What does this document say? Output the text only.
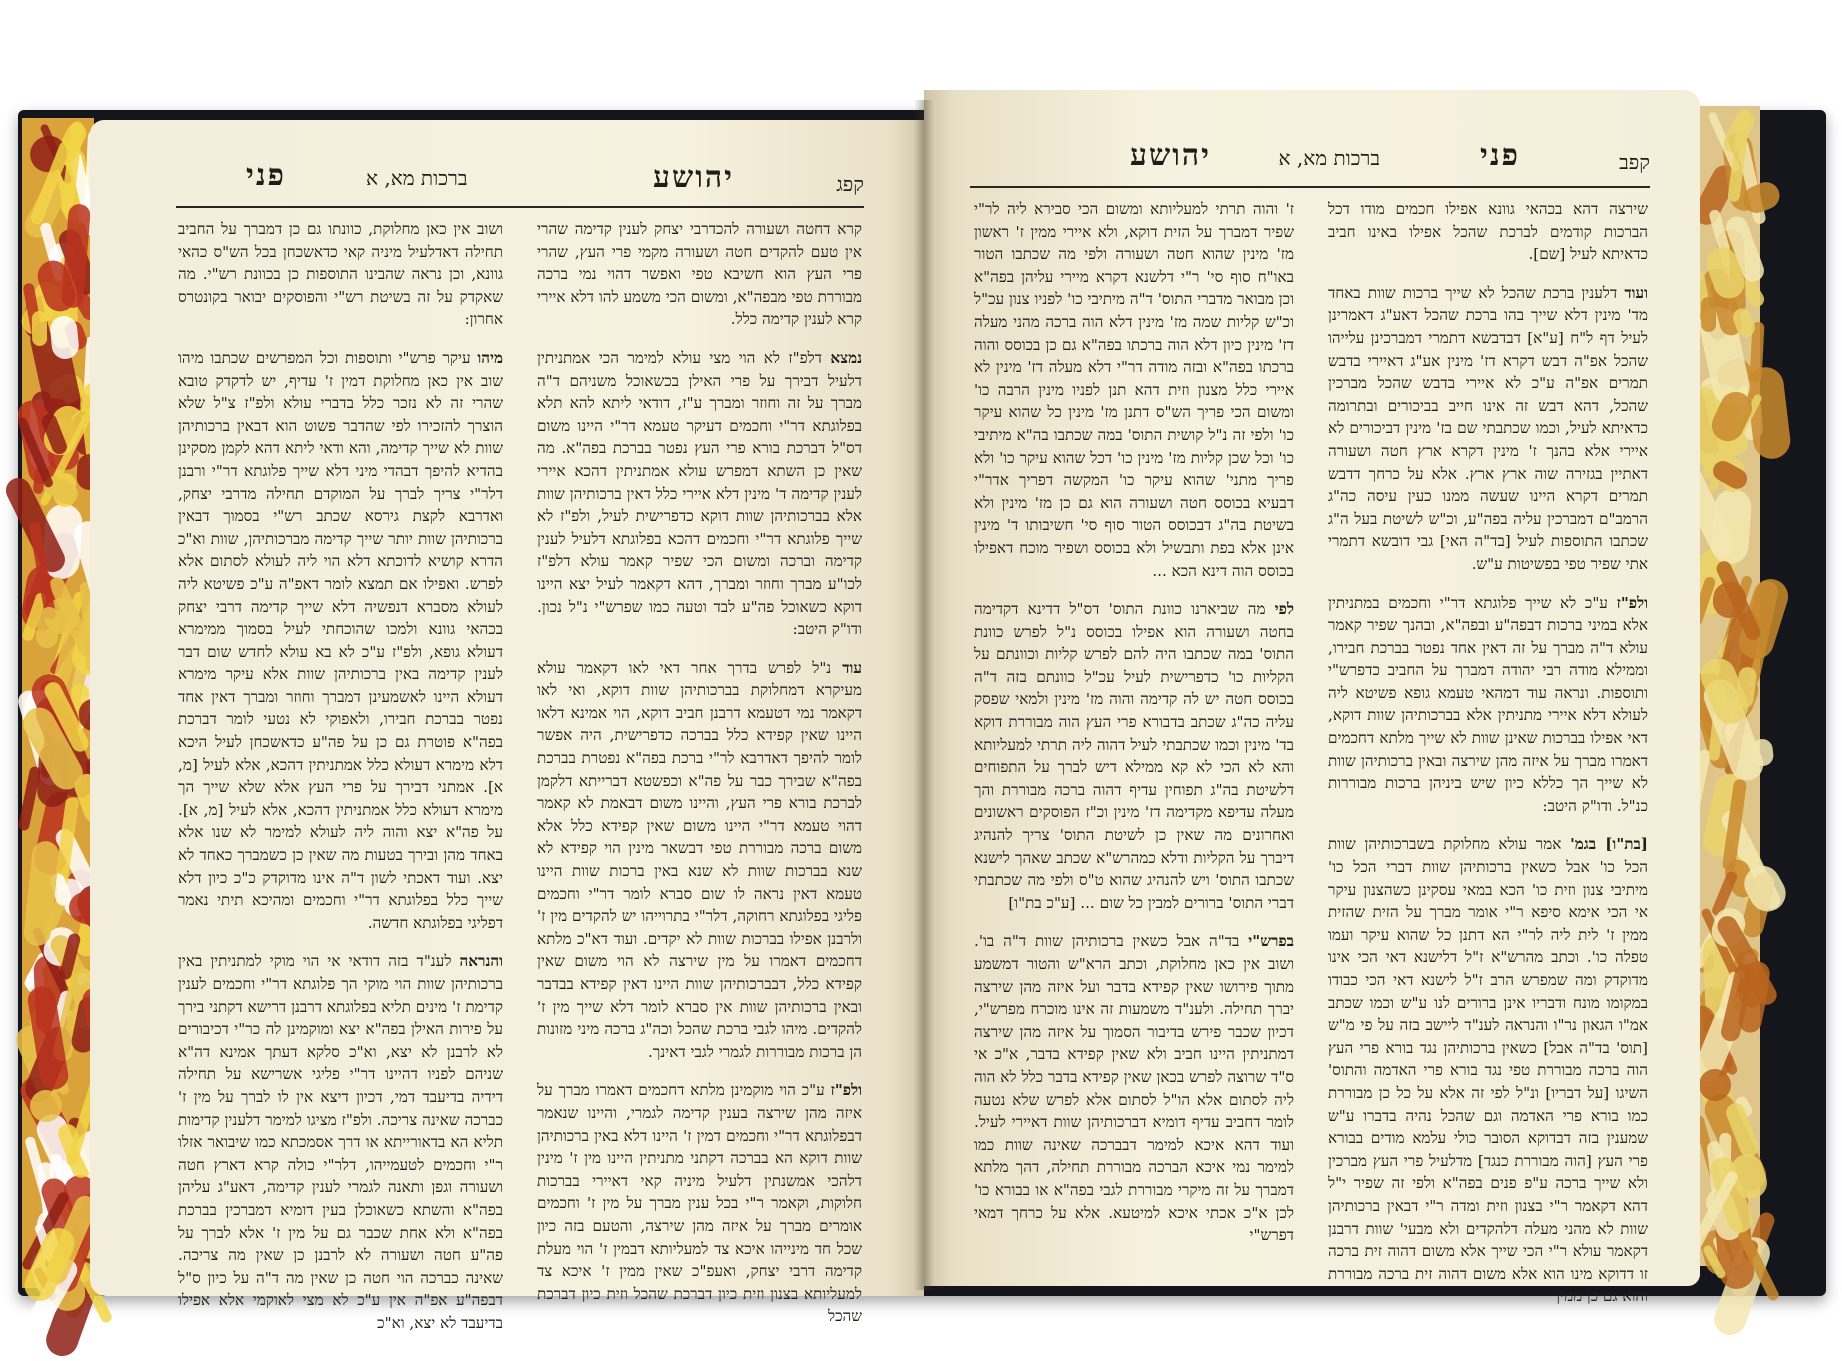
קפג
יהושע
ברכות מא, א
פני

קרא דחטה ושעורה להכדרבי יצחק לענין קדימה שהרי אין טעם להקדים חטה ושעורה מקמי פרי העץ, שהרי פרי העץ הוא חשיבא טפי ואפשר דהוי נמי ברכה מבוררת טפי מבפה"א, ומשום הכי משמע להו דלא איירי קרא לענין קדימה כלל.

נמצא דלפ"ז לא הוי מצי עולא למימר הכי אמתניתין דלעיל דבירך על פרי האילן בכשאוכל משניהם ד"ה מברך על זה וחוזר ומברך ע"ז, דודאי ליתא להא תלא בפלוגתא דר"י וחכמים דעיקר טעמא דר"י היינו משום דס"ל דברכת בורא פרי העץ נפטר בברכת בפה"א. מה שאין כן השתא דמפרש עולא אמתניתין דהכא איירי לענין קדימה ד' מינין דלא איירי כלל דאין ברכותיהן שוות אלא בברכותיהן שוות דוקא כדפרישית לעיל, ולפ"ז לא שייך פלוגתא דר"י וחכמים דהכא בפלוגתא דלעיל לענין קדימה וברכה ומשום הכי שפיר קאמר עולא דלפ"ז לכו"ע מברך וחוזר ומברך, דהא דקאמר לעיל יצא היינו דוקא כשאוכל פה"ע לבד וטעה כמו שפרש"י נ"ל נכון. ודו"ק היטב:

עוד נ"ל לפרש בדרך אחר דאי לאו דקאמר עולא מעיקרא דמחלוקת בברכותיהן שוות דוקא, ואי לאו דקאמר נמי דטעמא דרבנן חביב דוקא, הוי אמינא דלאו היינו שאין קפידא כלל בברכה כדפרישית, היה אפשר לומר להיפך דאדרבא לר"י ברכת בפה"א נפטרת בברכת בפה"א שבירך כבר על פה"א וכפשטא דברייתא דלקמן לברכת בורא פרי העץ, והיינו משום דבאמת לא קאמר דהוי טעמא דר"י היינו משום שאין קפידא כלל אלא משום ברכה מבוררת טפי דבשאר מינין הוי קפידא לא שנא בברכות שוות לא שנא באין ברכות שוות היינו טעמא דאין נראה לו שום סברא לומר דר"י וחכמים פליגי בפלוגתא רחוקה, דלר"י בתרוייהו יש להקדים מין ז' ולרבנן אפילו בברכות שוות לא יקדים. ועוד דא"כ מלתא דחכמים דאמרו על מין שירצה לא הוי משום שאין קפידא כלל, דבברכותיהן שוות היינו דאין קפידא בבדבר ובאין ברכותיהן שוות אין סברא לומר דלא שייך מין ז' להקדים. מיהו לגבי ברכת שהכל וכה"ג ברכה מיני מזונות הן ברכות מבוררות לגמרי לגבי דאינך.

ולפ"ז ע"כ הוי מוקמינן מלתא דחכמים דאמרו מברך על איזה מהן שירצה בענין קדימה לגמרי, והיינו שנאמר דבפלוגתא דר"י וחכמים דמין ז' היינו דלא באין ברכותיהן שוות דוקא הא בברכה דקתני מתניתין היינו מין ז' מינין דלהכי אמשנתין דלעיל מיניה קאי דאיירי בברכות חלוקות, וקאמר ר"י בכל ענין מברך על מין ז' וחכמים אומרים מברך על איזה מהן שירצה, והטעם בזה כיון שכל חד מינייהו איכא צד למעליותא דבמין ז' הוי מעלת קדימה דרבי יצחק, ואעפ"כ שאין ממין ז' איכא צד למעליותא בצנון וזית כיון דברכת שהכל וזית כיון דברכת שהכל

ושוב אין כאן מחלוקת, כוונתו גם כן דמברך על החביב תחילה דאדלעיל מיניה קאי כדאשכחן בכל הש"ס כהאי גוונא, וכן נראה שהבינו התוספות כן בכוונת רש"י. מה שאקדק על זה בשיטת רש"י והפוסקים יבואר בקונטרס אחרון:

מיהו עיקר פרש"י ותוספות וכל המפרשים שכתבו מיהו שוב אין כאן מחלוקת דמין ז' עדיף, יש לדקדק טובא שהרי זה לא נזכר כלל בדברי עולא ולפ"ז צ"ל שלא הוצרך להזכירו לפי שהדבר פשוט הוא דבאין ברכותיהן שוות לא שייך קדימה, והא ודאי ליתא דהא לקמן מסקינן בהדיא להיפך דבהדי מיני דלא שייך פלוגתא דר"י ורבנן דלר"י צריך לברך על המוקדם תחילה מדרבי יצחק, ואדרבא לקצת גירסא שכתב רש"י בסמוך דבאין ברכותיהן שוות יותר שייך קדימה מברכותיהן, שוות וא"כ הדרא קושיא לדוכתא דלא הוי ליה לעולא לסתום אלא לפרש. ואפילו אם תמצא לומר דאפ"ה ע"כ פשיטא ליה לעולא מסברא דנפשיה דלא שייך קדימה דרבי יצחק בכהאי גוונא ולמכו שהוכחתי לעיל בסמוך ממימרא דעולא גופא, ולפ"ז ע"כ לא בא עולא לחדש שום דבר לענין קדימה באין ברכותיהן שוות אלא עיקר מימרא דעולא היינו לאשמעינן דמברך וחוזר ומברך דאין אחד נפטר בברכת חבירו, ולאפוקי לא נטעי לומר דברכת בפה"א פוטרת גם כן על פה"ע כדאשכחן לעיל היכא דלא מימרא דעולא כלל אמתניתין דהכא, אלא לעיל [מ, א]. אמתני דבירך על פרי העץ אלא שלא שייך הך מימרא דעולא כלל אמתניתין דהכא, אלא לעיל [מ, א]. על פה"א יצא והוה ליה לעולא למימר לא שנו אלא באחד מהן ובירך בטעות מה שאין כן כשמברך כאחד לא יצא. ועוד דאכתי לשון ד"ה אינו מדוקדק כ"כ כיון דלא שייך כלל בפלוגתא דר"י וחכמים ומהיכא תיתי נאמר דפליגי בפלוגתא חדשה.

והנראה לענ"ד בזה דודאי אי הוי מוקי למתניתין באין ברכותיהן שוות הוי מוקי הך פלוגתא דר"י וחכמים לענין קדימת ז' מינים תליא בפלוגתא דרבנן דרישא דקתני בירך על פירות האילן בפה"א יצא ומוקמינן לה כר"י דכיבורים לא לרבנן לא יצא, וא"כ סלקא דעתך אמינא דה"א שניהם לפניו דהיינו דר"י פליגי אשרישא על תחילה דידיה בדיעבד דמי, דכיון דיצא אין לו לברך על מין ז' כברכה שאינה צריכה. ולפ"ז מציגו למימר דלענין קדימות תליא הא בדאורייתא או דרך אסמכתא כמו שיבואר אזלו ר"י וחכמים לטעמייהו, דלר"י כולה קרא דארץ חטה ושעורה וגפן ותאנה לגמרי לענין קדימה, דאע"ג עליהן בפה"א והשתא כשאוכלן בעין דומיא דמברכין בברכת בפה"א ולא אחת שכבר גם על מין ז' אלא לברך על פה"ע חטה ושעורה לא לרבנן כן שאין מה צריכה. שאינה כברכה הוי חטה כן שאין מה ד"ה על כיון ס"ל דבפה"ע אפ"ה אין ע"כ לא מצי לאוקמי אלא אפילו בדיעבד לא יצא, וא"כ

קפב
פני
ברכות מא, א
יהושע

שירצה דהא בכהאי גוונא אפילו חכמים מודו דכל הברכות קודמים לברכת שהכל אפילו באינו חביב כדאיתא לעיל [שם].

ועוד דלענין ברכת שהכל לא שייך ברכות שוות באחד מד' מינין דלא שייך בהו ברכת שהכל דאע"ג דאמרינן לעיל דף ל"ח [ע"א] דבדבשא דתמרי דמברכינן עלייהו שהכל אפ"ה דבש דקרא דז' מינין אע"ג דאיירי בדבש תמרים אפ"ה ע"כ לא איירי בדבש שהכל מברכין שהכל, דהא דבש זה אינו חייב בביכורים ובתרומה כדאיתא לעיל, וכמו שכתבתי שם בז' מינין דביכורים לא איירי אלא בהנך ז' מינין דקרא ארץ חטה ושעורה דאתיין בגזירה שוה ארץ ארץ. אלא על כרחך דדבש תמרים דקרא היינו שעשה ממנו כעין עיסה כה"ג הרמב"ם דמברכין עליה בפה"ע, וכ"ש לשיטת בעל ה"ג שכתבו התוספות לעיל [בד"ה האי] גבי דובשא דתמרי אתי שפיר טפי בפשיטות ע"ש.

ולפ"ז ע"כ לא שייך פלוגתא דר"י וחכמים במתניתין אלא במיני ברכות דבפה"ע ובפה"א, ובהנך שפיר קאמר עולא ד"ה מברך על זה דאין אחד נפטר בברכת חבירו, וממילא מודה רבי יהודה דמברך על החביב כדפרש"י ותוספות. ונראה עוד דמהאי טעמא גופא פשיטא ליה לעולא דלא איירי מתניתין אלא בברכותיהן שוות דוקא, דאי אפילו בברכות שאינן שוות לא שייך מלתא דחכמים דאמרו מברך על איזה מהן שירצה ובאין ברכותיהן שוות לא שייך הך כללא כיון שיש ביניהן ברכות מבוררות כנ"ל. ודו"ק היטב:

[בת"ו] בגמ' אמר עולא מחלוקת בשברכותיהן שוות הכל כו' אבל כשאין ברכותיהן שוות דברי הכל כו' מיתיבי צנון וזית כו' הכא במאי עסקינן כשהצנון עיקר אי הכי אימא סיפא ר"י אומר מברך על הזית שהזית ממין ז' לית ליה לר"י הא דתנן כל שהוא עיקר ועמו טפלה כו'. וכתב מהרש"א ז"ל דלישנא דאי הכי אינו מדוקדק ומה שמפרש הרב ז"ל לישנא דאי הכי כבודו במקומו מונח ודבריו אינן ברורים לנו ע"ש וכמו שכתב אמ"ו הגאון נר"ו והנראה לענ"ד ליישב בזה על פי מ"ש [תוס' בד"ה אבל] כשאין ברכותיהן נגד בורא פרי העץ הוה ברכה מבוררת טפי נגד בורא פרי האדמה והתוס' השיגו [על דבריו] ונ"ל לפי זה אלא על כל כן מבוררת כמו בורא פרי האדמה וגם שהכל נהיה בדברו ע"ש שמענין בזה דבדוקא הסובר כולי עלמא מודים בבורא פרי העץ [הוה מבוררת כנגד] מדלעיל פרי העץ מברכין ולא שייך ברכה ע"פ פנים בפה"א ולפי זה שפיר י"ל דהא דקאמר ר"י בצנון וזית ומדה ר"י דבאין ברכותיהן שוות לא מהני מעלה דלהקדים ולא מבעי' שוות דרבנן דקאמר עולא ר"י הכי שייך אלא משום דהוה זית ברכה זו דדוקא מינו הוא אלא משום דהוה זית ברכה מבוררת והוא גם כן ממין

ז' והוה תרתי למעליותא ומשום הכי סבירא ליה לר"י שפיר דמברך על הזית דוקא, ולא איירי ממין ז' ראשון מז' מינין שהוא חטה ושעורה ולפי מה שכתבו הטור באו"ח סוף סי' ר"י דלשנא דקרא מיירי עליהן בפה"א וכן מבואר מדברי התוס' ד"ה מיתיבי כו' לפניו צנון עכ"ל וכ"ש קליות שמה מז' מינין דלא הוה ברכה מהני מעלה דז' מינין כיון דלא הוה ברכתו בפה"א גם כן בכוסס והוה ברכתו בפה"א ובזה מודה דר"י דלא מעלה דז' מינין לא איירי כלל מצנון וזית דהא תנן לפניו מינין הרבה כו' ומשום הכי פריך הש"ס דתנן מז' מינין כל שהוא עיקר כו' ולפי זה נ"ל קושית התוס' במה שכתבו בה"א מיתיבי כו' וכל שכן קליות מז' מינין כו' דכל שהוא עיקר כו' ולא פריך מתני' שהוא עיקר כו' המקשה דפריך אדר"י דבעיא בכוסס חטה ושעורה הוא גם כן מז' מינין ולא בשיטת בה"ג דבכוסס הטור סוף סי' חשיבותו ד' מינין אינן אלא בפת ותבשיל ולא בכוסס ושפיר מוכח דאפילו בכוסס הוה דינא הכא ...

לפי מה שביארנו כוונת התוס' דס"ל דדינא דקדימה בחטה ושעורה הוא אפילו בכוסס נ"ל לפרש כוונת התוס' במה שכתבו היה להם לפרש קליות וכוונתם על הקליות כו' כדפרישית לעיל עכ"ל כוונתם בזה ד"ה בכוסס חטה יש לה קדימה והוה מז' מינין ולמאי שפסק עליה כה"ג שכתב בדבורא פרי העץ הוה מבוררת דוקא בד' מינין וכמו שכתבתי לעיל דהוה ליה תרתי למעליותא והא לא הכי לא קא ממילא דיש לברך על התפוחים דלשיטת בה"ג תפוחין עדיף דהוה ברכה מבוררת והך מעלה עדיפא מקדימה דז' מינין וכ"ז הפוסקים ראשונים ואחרונים מה שאין כן לשיטת התוס' צריך להנהיג דיברך על הקליות ודלא כמהרש"א שכתב שאהך לישנא שכתבו התוס' ויש להנהיג שהוא ט"ס ולפי מה שכתבתי דברי התוס' ברורים למבין כל שום ... [ע"כ בת"ו]

בפרש"י בד"ה אבל כשאין ברכותיהן שוות ד"ה בו'. ושוב אין כאן מחלוקת, וכתב הרא"ש והטור דמשמע מתוך פירושו שאין קפידא בדבר ועל איזה מהן שירצה יברך תחילה. ולענ"ד משמעות זה אינו מוכרח מפרש"י, דכיון שכבר פירש בדיבור הסמוך על איזה מהן שירצה דמתניתין היינו חביב ולא שאין קפידא בדבר, א"כ אי ס"ד שרוצה לפרש בכאן שאין קפידא בדבר כלל לא הוה ליה לסתום אלא הו"ל לסתום אלא לפרש שלא נטעה לומר דחביב עדיף דומיא דברכותיהן שוות דאיירי לעיל. ועוד דהא איכא למימר דבברכה שאינה שוות כמו למימר נמי איכא הברכה מבוררת תחילה, דהך מלתא דמברך על זה מיקרי מבוררת לגבי בפה"א או בבורא כו' לכן א"כ אכתי איכא למיטעא. אלא על כרחך דמאי דפרש"י
